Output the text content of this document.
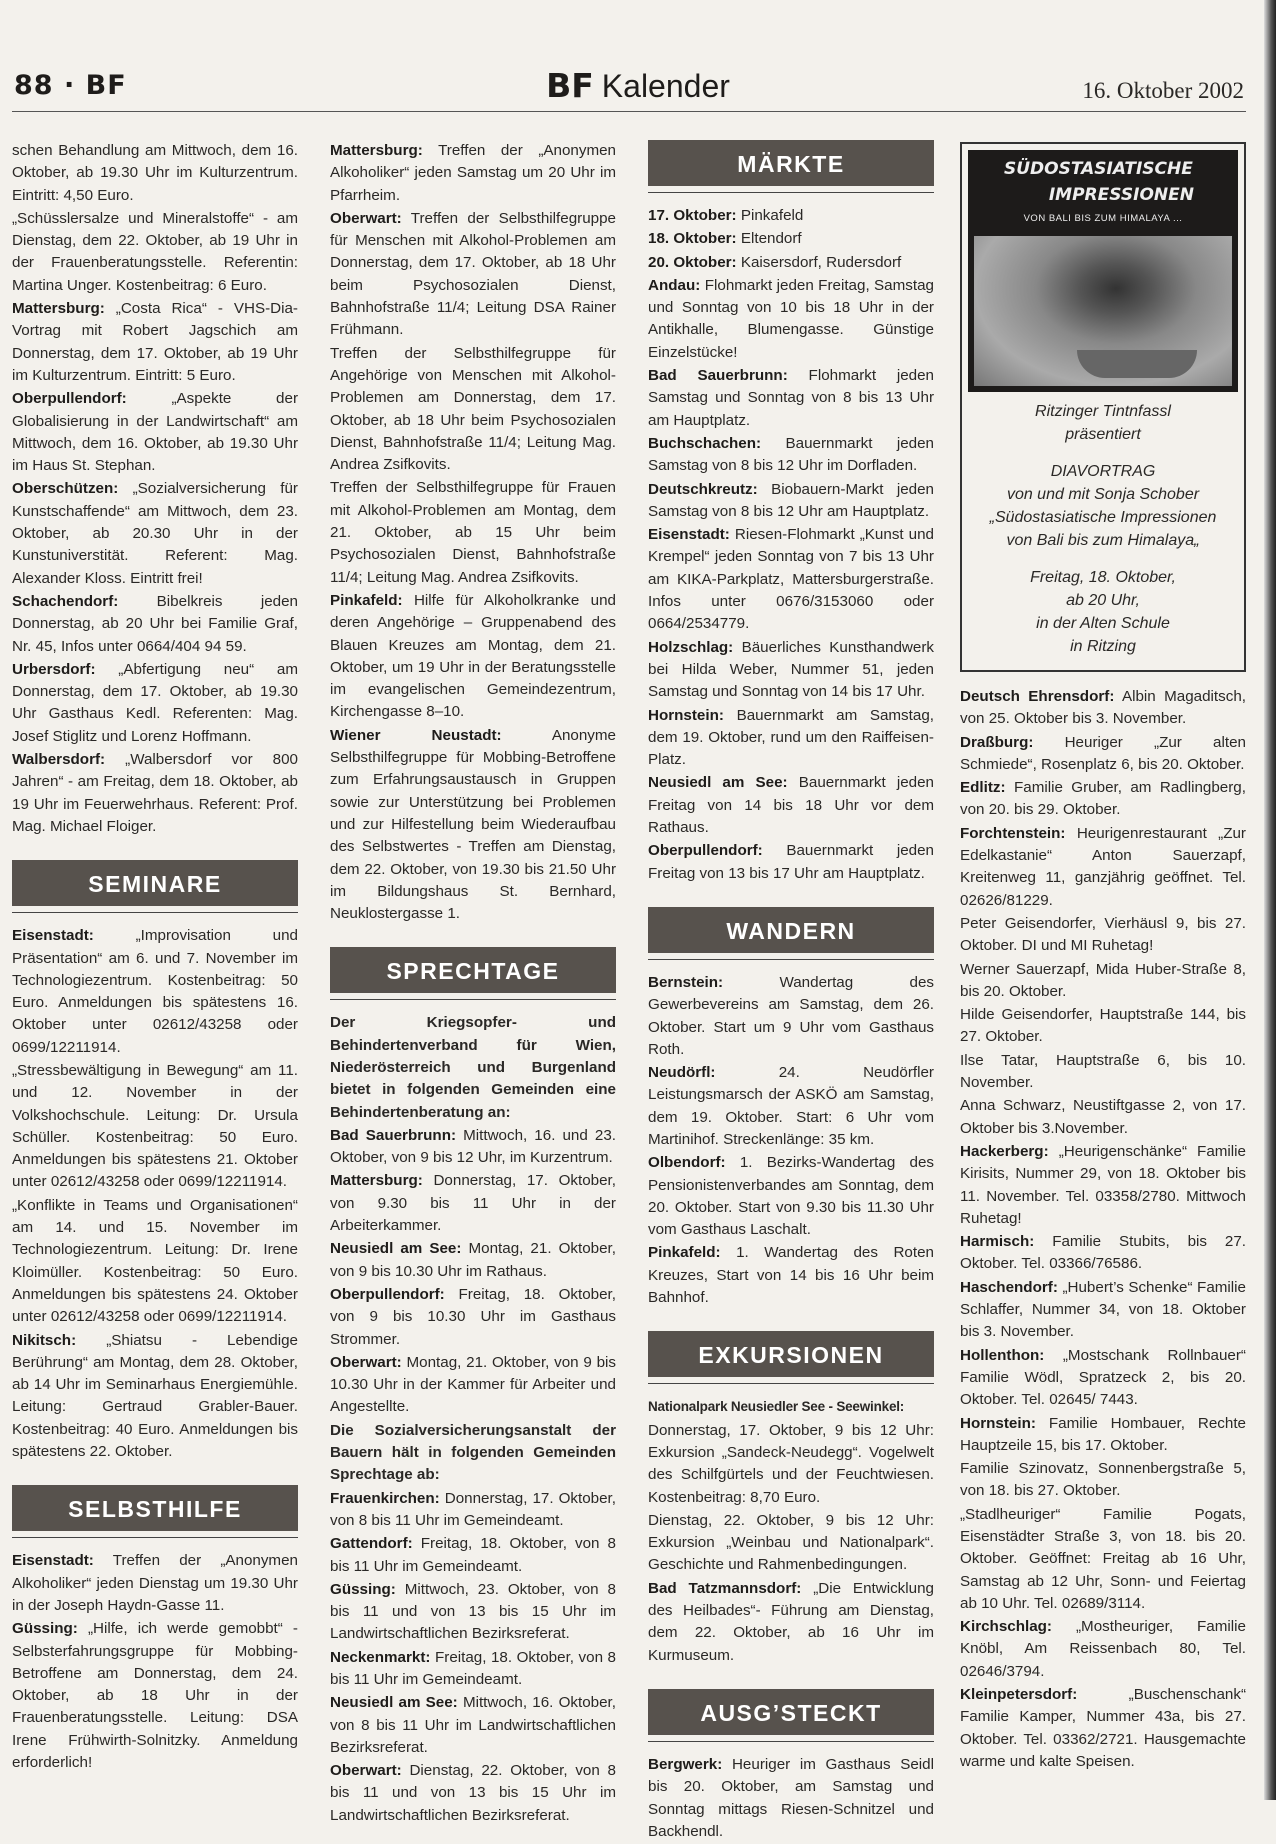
88 · BF	BF Kalender	16. Oktober 2002

schen Behandlung am Mittwoch, dem 16. Oktober, ab 19.30 Uhr im Kulturzentrum. Eintritt: 4,50 Euro.

„Schüsslersalze und Mineralstoffe“ - am Dienstag, dem 22. Oktober, ab 19 Uhr in der Frauenberatungsstelle. Referentin: Martina Unger. Kostenbeitrag: 6 Euro.

Mattersburg: „Costa Rica“ - VHS-Dia-Vortrag mit Robert Jagschich am Donnerstag, dem 17. Oktober, ab 19 Uhr im Kulturzentrum. Eintritt: 5 Euro.

Oberpullendorf:	„Aspekte der Globalisierung in der Landwirtschaft“ am Mittwoch, dem 16. Oktober, ab 19.30 Uhr im Haus St. Stephan.

Oberschützen: „Sozialversicherung für Kunstschaffende“ am Mittwoch, dem 23. Oktober, ab 20.30 Uhr in der Kunstuniverstität. Referent: Mag. Alexander Kloss. Eintritt frei!

Schachendorf:	Bibelkreis jeden Donnerstag, ab 20 Uhr bei Familie Graf, Nr. 45, Infos unter 0664/404 94 59.

Urbersdorf: „Abfertigung neu“ am Donnerstag, dem 17. Oktober, ab 19.30 Uhr Gasthaus Kedl. Referenten: Mag. Josef Stiglitz und Lorenz Hoffmann.

Walbersdorf: „Walbersdorf vor 800 Jahren“ - am Freitag, dem 18. Oktober, ab 19 Uhr im Feuerwehrhaus. Referent: Prof. Mag. Michael Floiger.

SEMINARE

Eisenstadt:	„Improvisation und Präsentation“ am 6. und 7. November im Technologiezentrum. Kostenbeitrag: 50 Euro. Anmeldungen bis spätestens 16. Oktober unter 02612/43258 oder 0699/12211914.

„Stressbewältigung in Bewegung“ am 11. und 12. November in der Volkshochschule. Leitung: Dr. Ursula Schüller. Kostenbeitrag: 50 Euro. Anmeldungen bis spätestens 21. Oktober unter 02612/43258 oder 0699/12211914.

„Konflikte in Teams und Organisationen“ am 14. und 15. November im Technologiezentrum. Leitung: Dr. Irene Kloimüller. Kostenbeitrag: 50 Euro. Anmeldungen bis spätestens 24. Oktober unter 02612/43258 oder 0699/12211914.

Nikitsch: „Shiatsu - Lebendige Berührung“ am Montag, dem 28. Oktober, ab 14 Uhr im Seminarhaus Energiemühle. Leitung: Gertraud Grabler-Bauer. Kostenbeitrag: 40 Euro. Anmeldungen bis spätestens 22. Oktober.

SELBSTHILFE

Eisenstadt: Treffen der „Anonymen Alkoholiker“ jeden Dienstag um 19.30 Uhr in der Joseph Haydn-Gasse 11.

Güssing: „Hilfe, ich werde gemobbt“ - Selbsterfahrungsgruppe für Mobbing-Betroffene am Donnerstag, dem 24. Oktober, ab 18 Uhr in der Frauenberatungsstelle. Leitung: DSA Irene Frühwirth-Solnitzky. Anmeldung erforderlich!

Mattersburg: Treffen der „Anonymen Alkoholiker“ jeden Samstag um 20 Uhr im Pfarrheim.

Oberwart: Treffen der Selbsthilfegruppe für Menschen mit Alkohol-Problemen am Donnerstag, dem 17. Oktober, ab 18 Uhr beim Psychosozialen Dienst, Bahnhofstraße 11/4; Leitung DSA Rainer Frühmann.

Treffen der Selbsthilfegruppe für Angehörige von Menschen mit Alkohol-Problemen am Donnerstag, dem 17. Oktober, ab 18 Uhr beim Psychosozialen Dienst, Bahnhofstraße 11/4; Leitung Mag. Andrea Zsifkovits.

Treffen der Selbsthilfegruppe für Frauen mit Alkohol-Problemen am Montag, dem 21. Oktober, ab 15 Uhr beim Psychosozialen Dienst, Bahnhofstraße 11/4; Leitung Mag. Andrea Zsifkovits.

Pinkafeld: Hilfe für Alkoholkranke und deren Angehörige – Gruppenabend des Blauen Kreuzes am Montag, dem 21. Oktober, um 19 Uhr in der Beratungsstelle im evangelischen Gemeindezentrum, Kirchengasse 8–10.

Wiener Neustadt:	Anonyme Selbsthilfegruppe für Mobbing-Betroffene zum Erfahrungsaustausch in Gruppen sowie zur Unterstützung bei Problemen und zur Hilfestellung beim Wiederaufbau des Selbstwertes - Treffen am Dienstag, dem 22. Oktober, von 19.30 bis 21.50 Uhr im Bildungshaus St. Bernhard, Neuklostergasse 1.

SPRECHTAGE

Der Kriegsopfer- und Behindertenverband für Wien, Niederösterreich und Burgenland bietet in folgenden Gemeinden eine Behindertenberatung an:

Bad Sauerbrunn: Mittwoch, 16. und 23. Oktober, von 9 bis 12 Uhr, im Kurzentrum.

Mattersburg: Donnerstag, 17. Oktober, von 9.30 bis 11 Uhr in der Arbeiterkammer.

Neusiedl am See: Montag, 21. Oktober, von 9 bis 10.30 Uhr im Rathaus.

Oberpullendorf: Freitag, 18. Oktober, von 9 bis 10.30 Uhr im Gasthaus Strommer.

Oberwart: Montag, 21. Oktober, von 9 bis 10.30 Uhr in der Kammer für Arbeiter und Angestellte.

Die Sozialversicherungsanstalt der Bauern hält in folgenden Gemeinden Sprechtage ab:

Frauenkirchen: Donnerstag, 17. Oktober, von 8 bis 11 Uhr im Gemeindeamt.

Gattendorf: Freitag, 18. Oktober, von 8 bis 11 Uhr im Gemeindeamt.

Güssing: Mittwoch, 23. Oktober, von 8 bis 11 und von 13 bis 15 Uhr im Landwirtschaftlichen Bezirksreferat.

Neckenmarkt: Freitag, 18. Oktober, von 8 bis 11 Uhr im Gemeindeamt.

Neusiedl am See: Mittwoch, 16. Oktober, von 8 bis 11 Uhr im Landwirtschaftlichen Bezirksreferat.

Oberwart: Dienstag, 22. Oktober, von 8 bis 11 und von 13 bis 15 Uhr im Landwirtschaftlichen Bezirksreferat.

MÄRKTE

17. Oktober: Pinkafeld

18. Oktober: Eltendorf

20. Oktober: Kaisersdorf, Rudersdorf

Andau: Flohmarkt jeden Freitag, Samstag und Sonntag von 10 bis 18 Uhr in der Antikhalle, Blumengasse. Günstige Einzelstücke!

Bad Sauerbrunn: Flohmarkt jeden Samstag und Sonntag von 8 bis 13 Uhr am Hauptplatz.

Buchschachen: Bauernmarkt jeden Samstag von 8 bis 12 Uhr im Dorfladen.

Deutschkreutz: Biobauern-Markt jeden Samstag von 8 bis 12 Uhr am Hauptplatz.

Eisenstadt: Riesen-Flohmarkt „Kunst und Krempel“ jeden Sonntag von 7 bis 13 Uhr am KIKA-Parkplatz, Mattersburgerstraße. Infos unter 0676/3153060 oder 0664/2534779.

Holzschlag: Bäuerliches Kunsthandwerk bei Hilda Weber, Nummer 51, jeden Samstag und Sonntag von 14 bis 17 Uhr.

Hornstein: Bauernmarkt am Samstag, dem 19. Oktober, rund um den Raiffeisen-Platz.

Neusiedl am See: Bauernmarkt jeden Freitag von 14 bis 18 Uhr vor dem Rathaus.

Oberpullendorf: Bauernmarkt jeden Freitag von 13 bis 17 Uhr am Hauptplatz.

WANDERN

Bernstein:	Wandertag des Gewerbevereins am Samstag, dem 26. Oktober. Start um 9 Uhr vom Gasthaus Roth.

Neudörfl:	24. Neudörfler Leistungsmarsch der ASKÖ am Samstag, dem 19. Oktober. Start: 6 Uhr vom Martinihof. Streckenlänge: 35 km.

Olbendorf: 1. Bezirks-Wandertag des Pensionistenverbandes am Sonntag, dem 20. Oktober. Start von 9.30 bis 11.30 Uhr vom Gasthaus Laschalt.

Pinkafeld: 1. Wandertag des Roten Kreuzes, Start von 14 bis 16 Uhr beim Bahnhof.

EXKURSIONEN

Nationalpark Neusiedler See - Seewinkel:

Donnerstag, 17. Oktober, 9 bis 12 Uhr: Exkursion „Sandeck-Neudegg“. Vogelwelt des Schilfgürtels und der Feuchtwiesen. Kostenbeitrag: 8,70 Euro.

Dienstag, 22. Oktober, 9 bis 12 Uhr: Exkursion „Weinbau und Nationalpark“. Geschichte und Rahmenbedingungen.

Bad Tatzmannsdorf: „Die Entwicklung des Heilbades“- Führung am Dienstag, dem 22. Oktober, ab 16 Uhr im Kurmuseum.

AUSG’STECKT

Bergwerk: Heuriger im Gasthaus Seidl bis 20. Oktober, am Samstag und Sonntag mittags Riesen-Schnitzel und Backhendl.

SÜDOSTASIATISCHE
IMPRESSIONEN
VON BALI BIS ZUM HIMALAYA ...
Ritzinger Tintnfassl
präsentiert
DIAVORTRAG
von und mit Sonja Schober
„Südostasiatische Impressionen
von Bali bis zum Himalaya„
Freitag, 18. Oktober,
ab 20 Uhr,
in der Alten Schule
in Ritzing

Deutsch Ehrensdorf: Albin Magaditsch, von 25. Oktober bis 3. November.

Draßburg: Heuriger „Zur alten Schmiede“, Rosenplatz 6, bis 20. Oktober.

Edlitz: Familie Gruber, am Radlingberg, von 20. bis 29. Oktober.

Forchtenstein: Heurigenrestaurant „Zur Edelkastanie“ Anton Sauerzapf, Kreitenweg 11, ganzjährig geöffnet. Tel. 02626/81229.

Peter Geisendorfer, Vierhäusl 9, bis 27. Oktober. DI und MI Ruhetag!

Werner Sauerzapf, Mida Huber-Straße 8, bis 20. Oktober.

Hilde Geisendorfer, Hauptstraße 144, bis 27. Oktober.

Ilse Tatar, Hauptstraße 6, bis 10. November.

Anna Schwarz, Neustiftgasse 2, von 17. Oktober bis 3.November.

Hackerberg: „Heurigenschänke“ Familie Kirisits, Nummer 29, von 18. Oktober bis 11. November. Tel. 03358/2780. Mittwoch Ruhetag!

Harmisch: Familie Stubits, bis 27. Oktober. Tel. 03366/76586.

Haschendorf: „Hubert’s Schenke“ Familie Schlaffer, Nummer 34, von 18. Oktober bis 3. November.

Hollenthon: „Mostschank Rollnbauer“ Familie Wödl, Spratzeck 2, bis 20. Oktober. Tel. 02645/ 7443.

Hornstein: Familie Hombauer, Rechte Hauptzeile 15, bis 17. Oktober.

Familie Szinovatz, Sonnenbergstraße 5, von 18. bis 27. Oktober.

„Stadlheuriger“ Familie Pogats, Eisenstädter Straße 3, von 18. bis 20. Oktober. Geöffnet: Freitag ab 16 Uhr, Samstag ab 12 Uhr, Sonn- und Feiertag ab 10 Uhr. Tel. 02689/3114.

Kirchschlag: „Mostheuriger, Familie Knöbl, Am Reissenbach 80, Tel. 02646/3794.

Kleinpetersdorf:	„Buschenschank“ Familie Kamper, Nummer 43a, bis 27. Oktober. Tel. 03362/2721. Hausgemachte warme und kalte Speisen.
